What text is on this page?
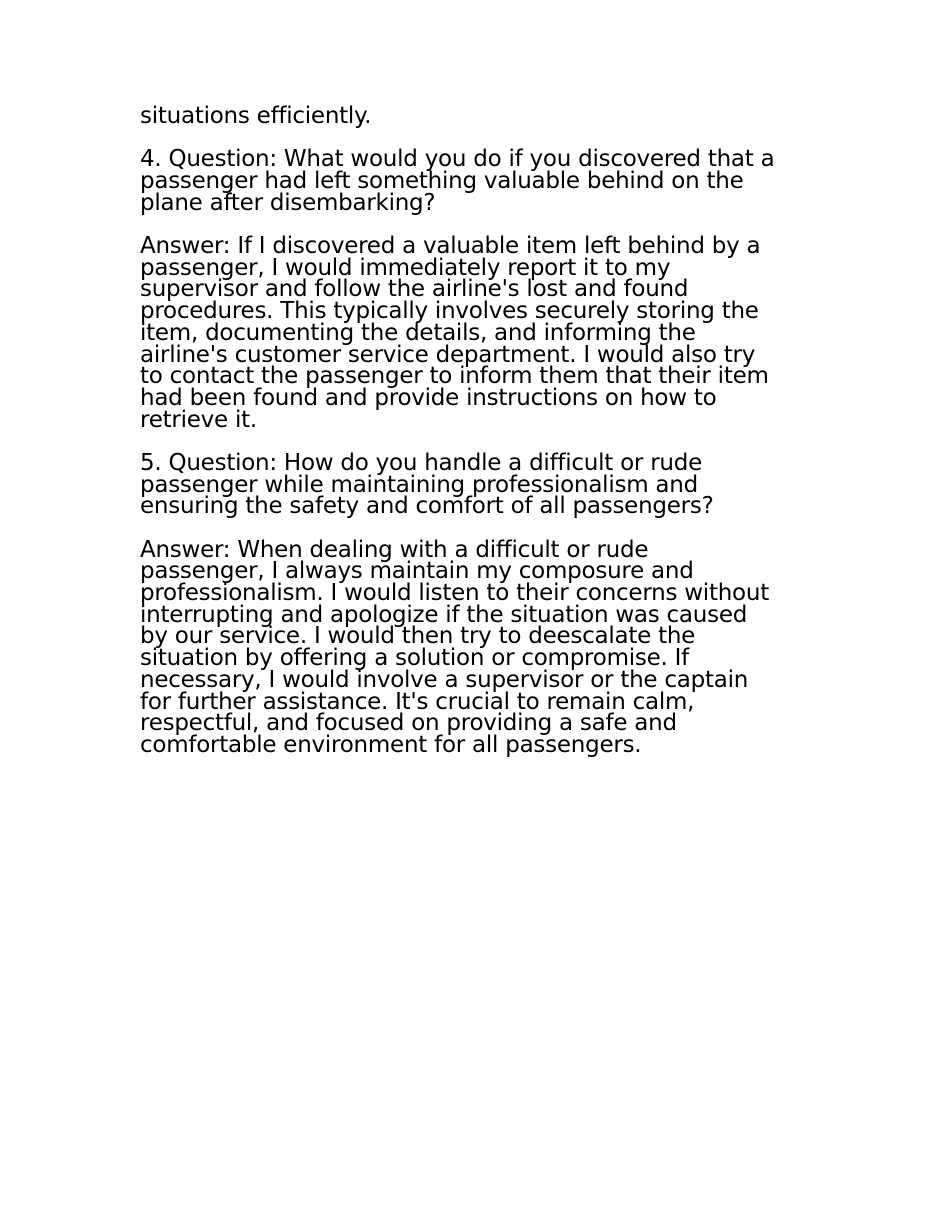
situations efficiently.

4. Question: What would you do if you discovered that a
passenger had left something valuable behind on the
plane after disembarking?

Answer: If I discovered a valuable item left behind by a
passenger, I would immediately report it to my
supervisor and follow the airline's lost and found
procedures. This typically involves securely storing the
item, documenting the details, and informing the
airline's customer service department. I would also try
to contact the passenger to inform them that their item
had been found and provide instructions on how to
retrieve it.

5. Question: How do you handle a difficult or rude
passenger while maintaining professionalism and
ensuring the safety and comfort of all passengers?

Answer: When dealing with a difficult or rude
passenger, I always maintain my composure and
professionalism. I would listen to their concerns without
interrupting and apologize if the situation was caused
by our service. I would then try to deescalate the
situation by offering a solution or compromise. If
necessary, I would involve a supervisor or the captain
for further assistance. It's crucial to remain calm,
respectful, and focused on providing a safe and
comfortable environment for all passengers.
